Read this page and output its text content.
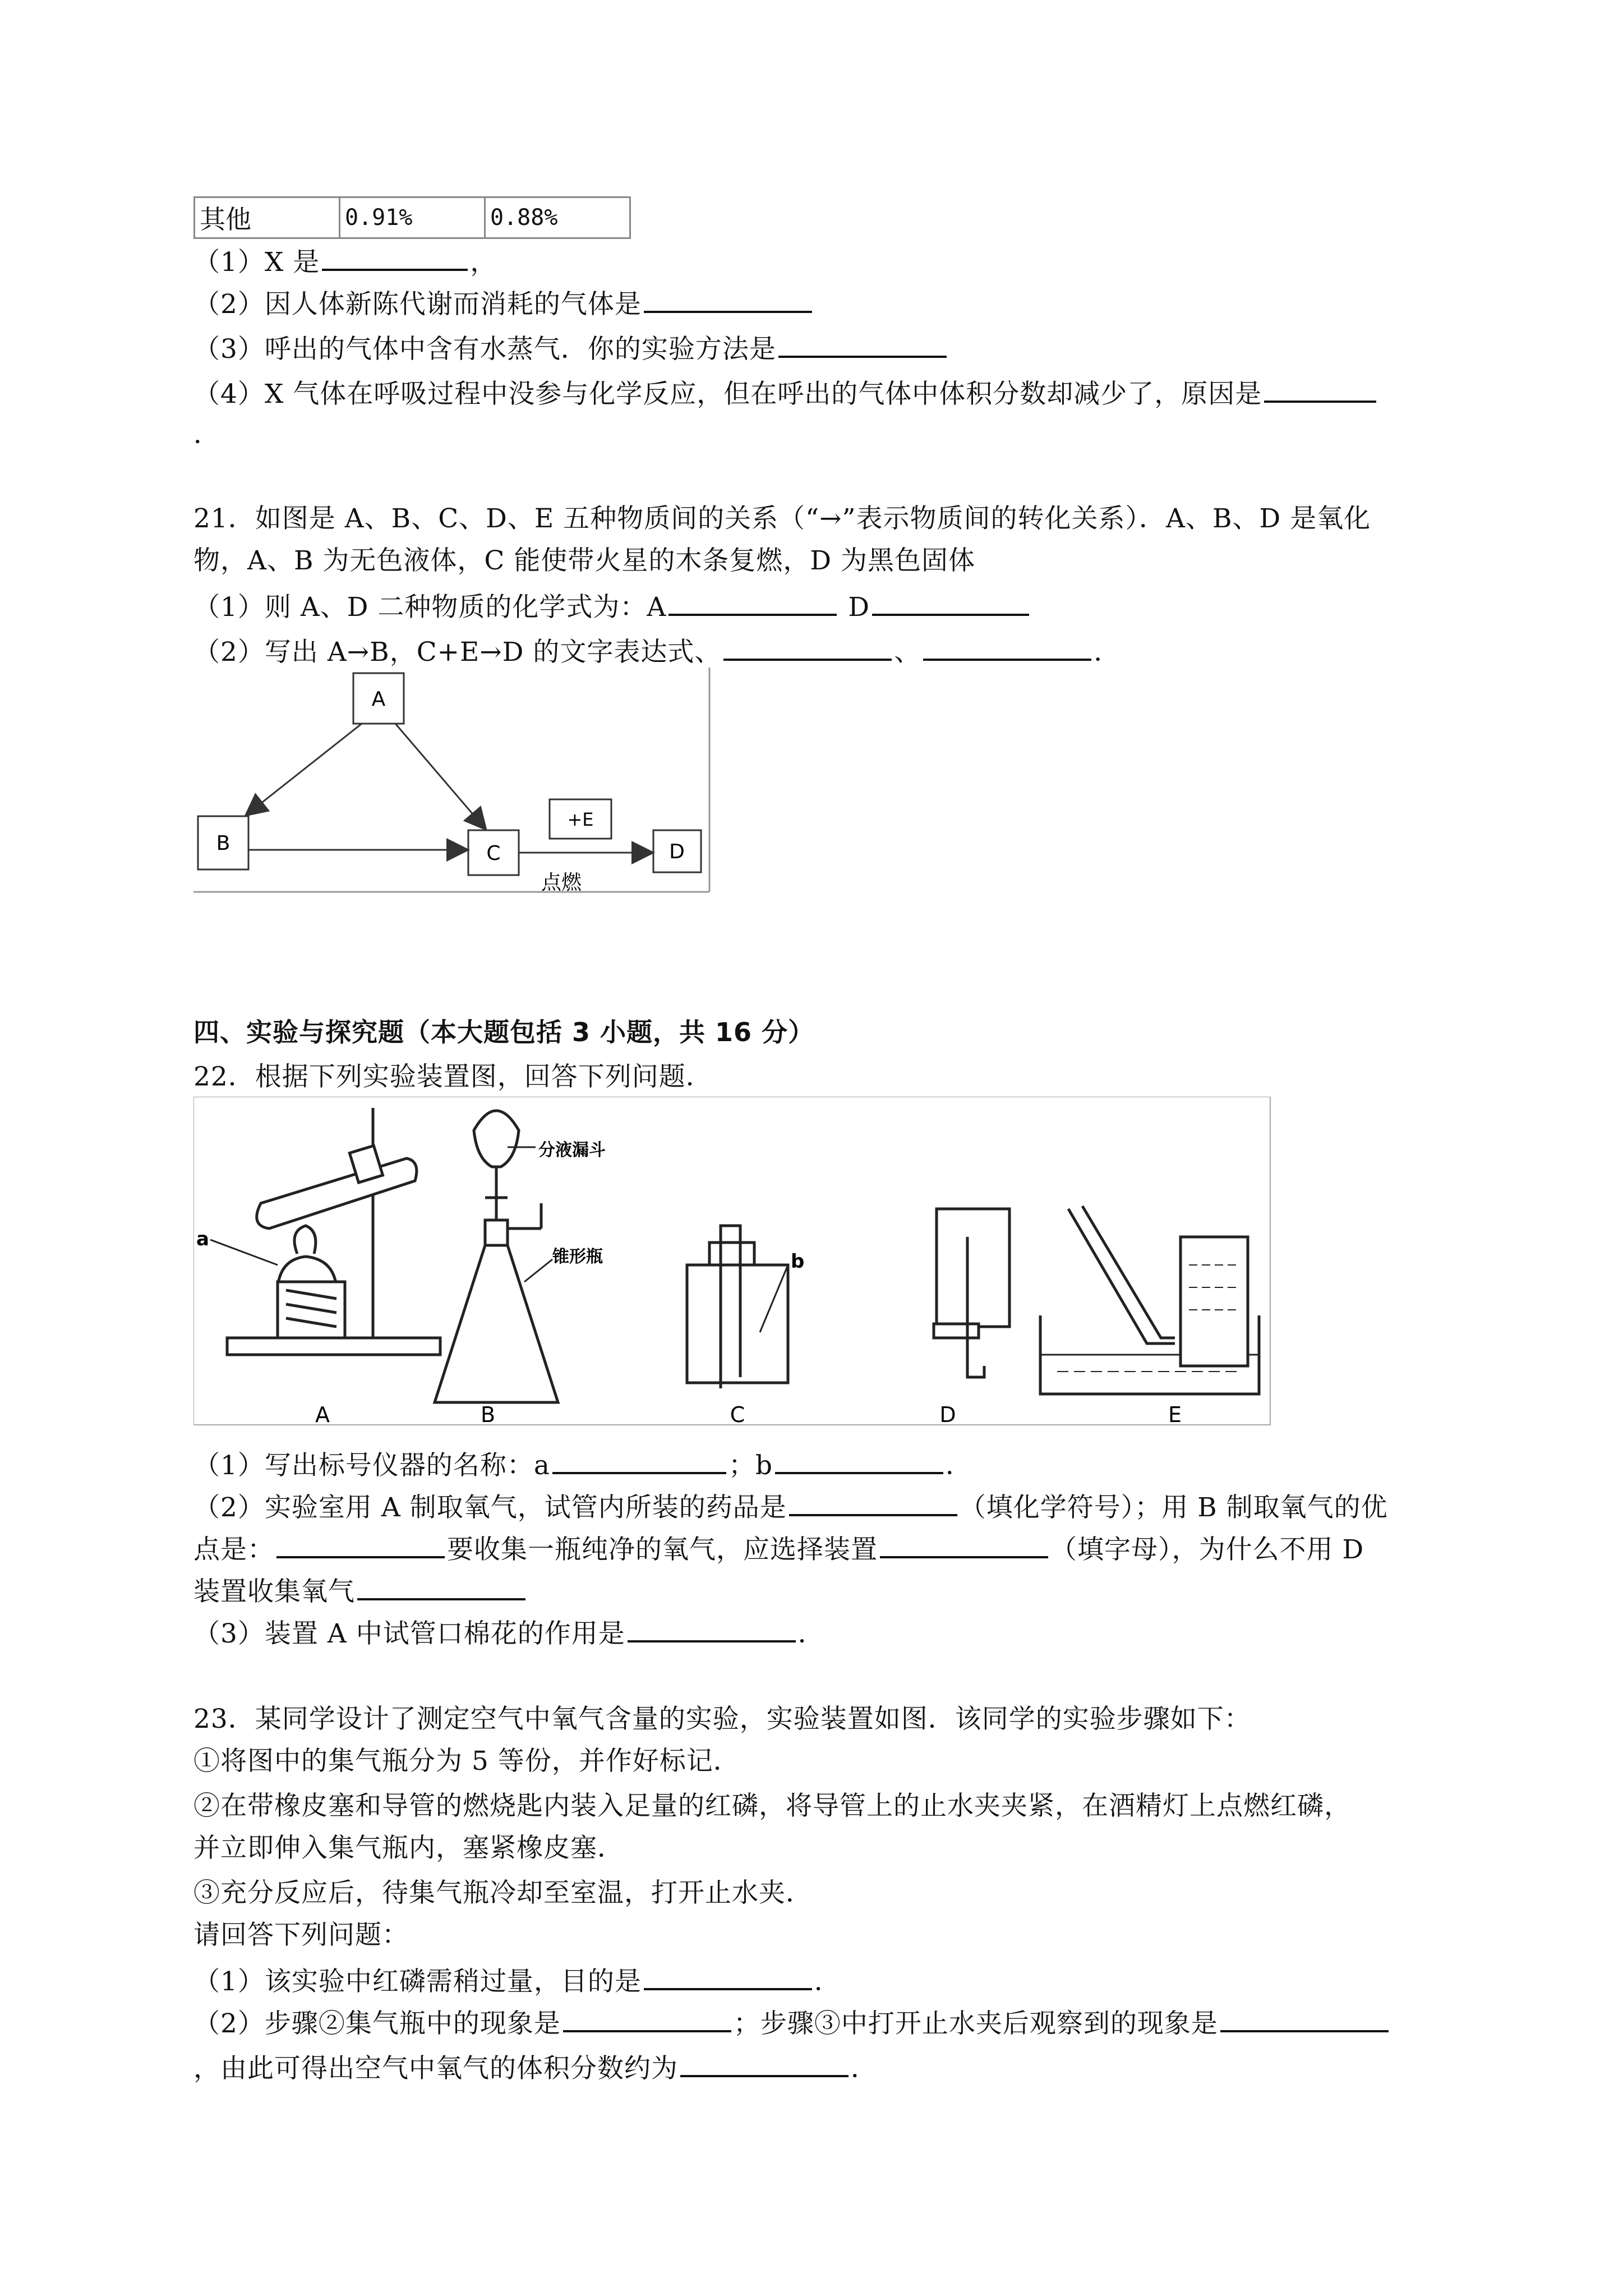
其他	0.91%	0.88%
（1）X 是	，
（2）因人体新陈代谢而消耗的气体是
（3）呼出的气体中含有水蒸气．你的实验方法是
（4）X 气体在呼吸过程中没参与化学反应，但在呼出的气体中体积分数却减少了，原因是
．
21．如图是 A、B、C、D、E 五种物质间的关系（“→”表示物质间的转化关系）．A、B、D 是氧化
物，A、B 为无色液体，C 能使带火星的木条复燃，D 为黑色固体
（1）则 A、D 二种物质的化学式为：A	D
（2）写出 A→B，C+E→D 的文字表达式、	、	．
A
B	C
+E
D
点燃
四、实验与探究题（本大题包括 3 小题，共 16 分）
22．根据下列实验装置图，回答下列问题．
a
分液漏斗
锥形瓶	b
A	B	C	D	E
（1）写出标号仪器的名称：a	；b	．
（2）实验室用 A 制取氧气，试管内所装的药品是	（填化学符号）；用 B 制取氧气的优
点是：	要收集一瓶纯净的氧气，应选择装置	（填字母），为什么不用 D
装置收集氧气
（3）装置 A 中试管口棉花的作用是	．
23．某同学设计了测定空气中氧气含量的实验，实验装置如图．该同学的实验步骤如下：
①将图中的集气瓶分为 5 等份，并作好标记．
②在带橡皮塞和导管的燃烧匙内装入足量的红磷，将导管上的止水夹夹紧，在酒精灯上点燃红磷，
并立即伸入集气瓶内，塞紧橡皮塞．
③充分反应后，待集气瓶冷却至室温，打开止水夹．
请回答下列问题：
（1）该实验中红磷需稍过量，目的是	．
（2）步骤②集气瓶中的现象是	；步骤③中打开止水夹后观察到的现象是
，由此可得出空气中氧气的体积分数约为	．
